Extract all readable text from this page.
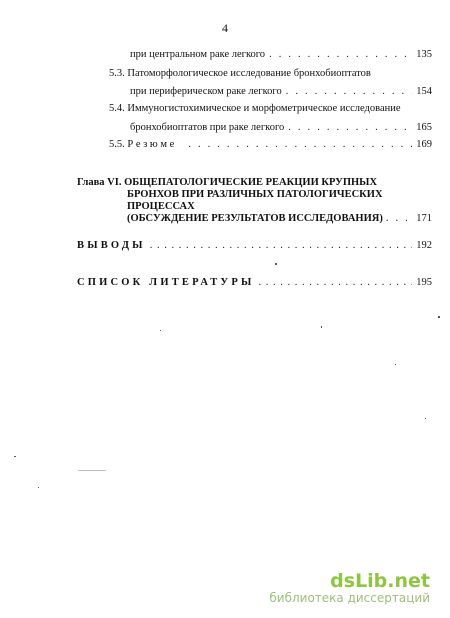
4
при центральном раке легкого . . .	135
5.3. Патоморфологическое исследование бронхобиоптатов
при периферическом раке легкого . . .	154
5.4. Иммуногистохимическое и морфометрическое исследование
бронхобиоптатов при раке легкого . . .	165
5.5. Р е з ю м е . . .	169
Глава VI. ОБЩЕПАТОЛОГИЧЕСКИЕ РЕАКЦИИ КРУПНЫХ
БРОНХОВ ПРИ РАЗЛИЧНЫХ ПАТОЛОГИЧЕСКИХ
ПРОЦЕССАХ
(ОБСУЖДЕНИЕ РЕЗУЛЬТАТОВ ИССЛЕДОВАНИЯ) . . .	171
ВЫВОДЫ . . .	192
СПИСОК ЛИТЕРАТУРЫ . . .	195
dsLib.net
библиотека диссертаций
